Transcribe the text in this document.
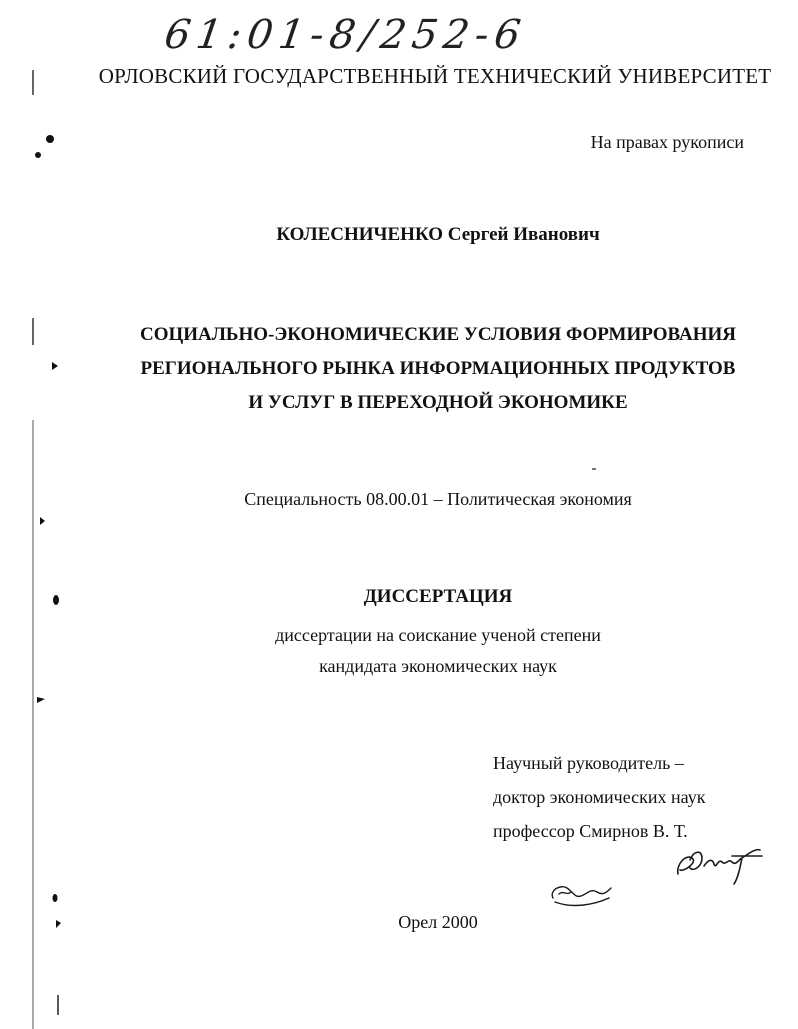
61:01-8/252-6
ОРЛОВСКИЙ ГОСУДАРСТВЕННЫЙ ТЕХНИЧЕСКИЙ УНИВЕРСИТЕТ
На правах рукописи
КОЛЕСНИЧЕНКО Сергей Иванович
СОЦИАЛЬНО-ЭКОНОМИЧЕСКИЕ УСЛОВИЯ ФОРМИРОВАНИЯ
РЕГИОНАЛЬНОГО РЫНКА ИНФОРМАЦИОННЫХ ПРОДУКТОВ
И УСЛУГ В ПЕРЕХОДНОЙ ЭКОНОМИКЕ
Специальность 08.00.01 – Политическая экономия
ДИССЕРТАЦИЯ
диссертации на соискание ученой степени
кандидата экономических наук
Научный руководитель –
доктор экономических наук
профессор Смирнов В. Т.
Орел 2000
